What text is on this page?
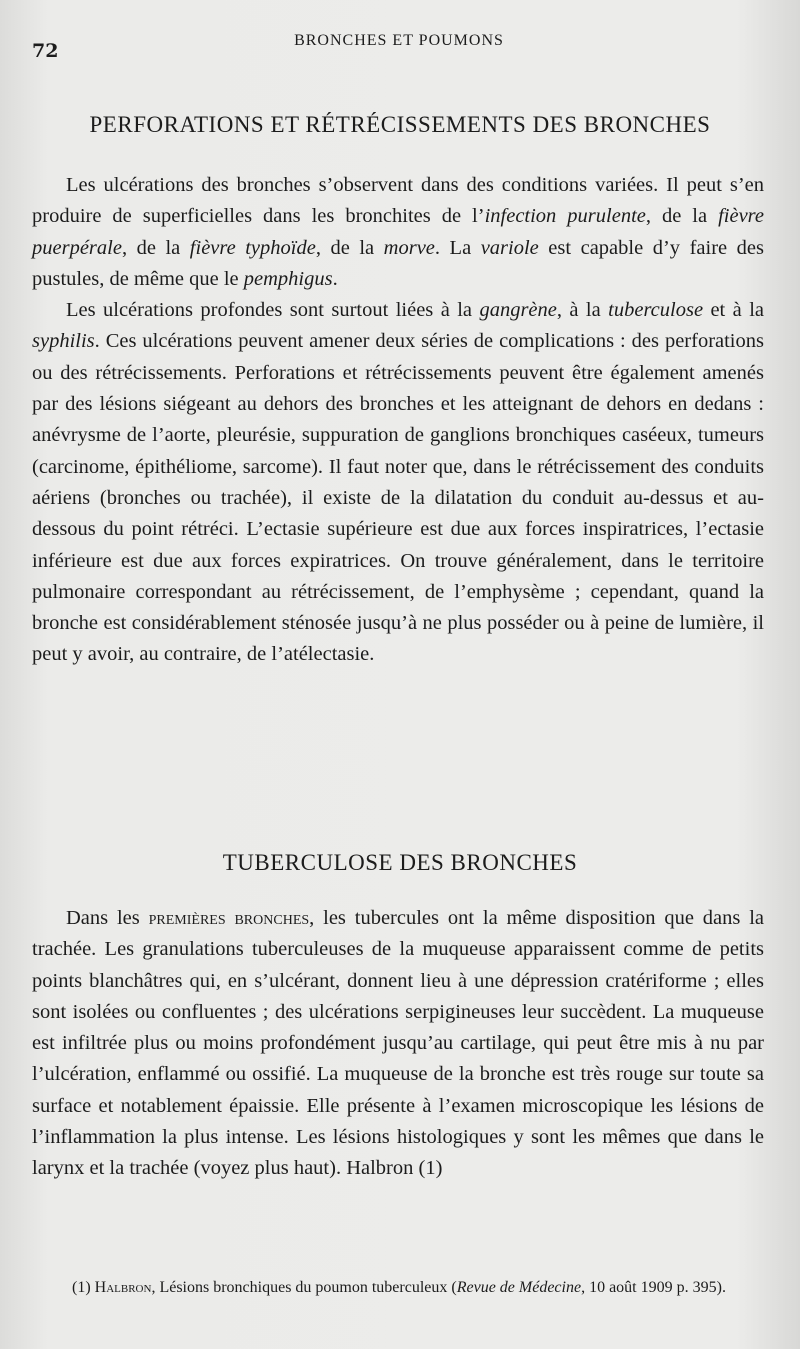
72	BRONCHES ET POUMONS
PERFORATIONS ET RÉTRÉCISSEMENTS DES BRONCHES

Les ulcérations des bronches s’observent dans des conditions variées. Il peut s’en produire de superficielles dans les bronchites de l’infection purulente, de la fièvre puerpérale, de la fièvre typhoïde, de la morve. La variole est capable d’y faire des pustules, de même que le pemphigus.

Les ulcérations profondes sont surtout liées à la gangrène, à la tuberculose et à la syphilis. Ces ulcérations peuvent amener deux séries de complications : des perforations ou des rétrécissements. Perforations et rétrécissements peuvent être également amenés par des lésions siégeant au dehors des bronches et les atteignant de dehors en dedans : anévrysme de l’aorte, pleurésie, suppuration de ganglions bronchiques caséeux, tumeurs (carcinome, épithéliome, sarcome). Il faut noter que, dans le rétrécissement des conduits aériens (bronches ou trachée), il existe de la dilatation du conduit au-dessus et au-dessous du point rétréci. L’ectasie supérieure est due aux forces inspiratrices, l’ectasie inférieure est due aux forces expiratrices. On trouve généralement, dans le territoire pulmonaire correspondant au rétrécissement, de l’emphysème ; cependant, quand la bronche est considérablement sténosée jusqu’à ne plus posséder ou à peine de lumière, il peut y avoir, au contraire, de l’atélectasie.

TUBERCULOSE DES BRONCHES

Dans les premières bronches, les tubercules ont la même disposition que dans la trachée. Les granulations tuberculeuses de la muqueuse apparaissent comme de petits points blanchâtres qui, en s’ulcérant, donnent lieu à une dépression cratériforme ; elles sont isolées ou confluentes ; des ulcérations serpigineuses leur succèdent. La muqueuse est infiltrée plus ou moins profondément jusqu’au cartilage, qui peut être mis à nu par l’ulcération, enflammé ou ossifié. La muqueuse de la bronche est très rouge sur toute sa surface et notablement épaissie. Elle présente à l’examen microscopique les lésions de l’inflammation la plus intense. Les lésions histologiques y sont les mêmes que dans le larynx et la trachée (voyez plus haut). Halbron (1)

(1) Halbron, Lésions bronchiques du poumon tuberculeux (Revue de Médecine, 10 août 1909 p. 395).
